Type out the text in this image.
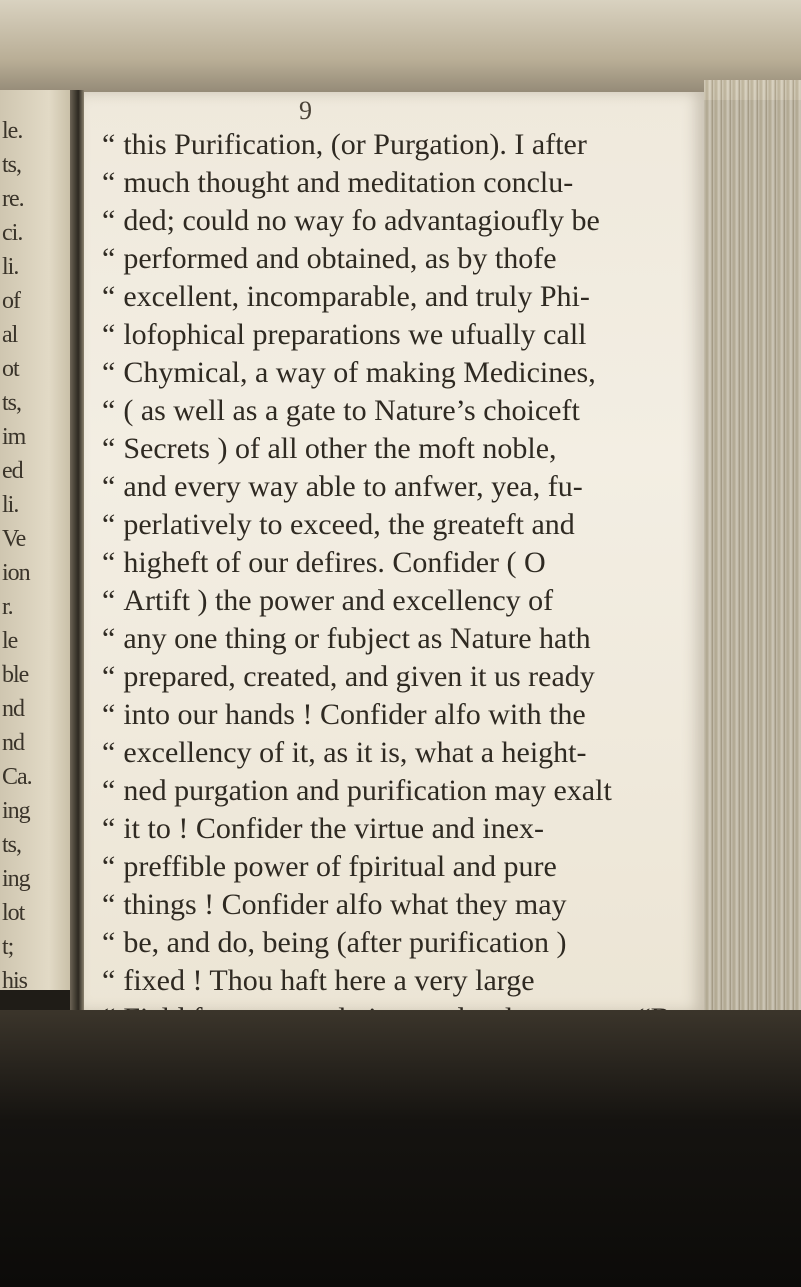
le.
ts,
re.
ci.
li.
of
al
ot
ts,
im
ed
li.
Ve
ion
r.
le
ble
nd
nd
Ca.
ing
ts,
ing
lot
t;
his
9
“ this Purification, (or Purgation). I after
“ much thought and meditation conclu-
“ ded; could no way fo advantagioufly be
“ performed and obtained, as by thofe
“ excellent, incomparable, and truly Phi-
“ lofophical preparations we ufually call
“ Chymical, a way of making Medicines,
“ ( as well as a gate to Nature’s choiceft
“ Secrets ) of all other the moft noble,
“ and every way able to anfwer, yea, fu-
“ perlatively to exceed, the greateft and
“ higheft of our defires. Confider ( O
“ Artift ) the power and excellency of
“ any one thing or fubject as Nature hath
“ prepared, created, and given it us ready
“ into our hands ! Confider alfo with the
“ excellency of it, as it is, what a height-
“ ned purgation and purification may exalt
“ it to ! Confider the virtue and inex-
“ preffible power of fpiritual and pure
“ things ! Confider alfo what they may
“ be, and do, being (after purification )
“ fixed ! Thou haft here a very large
